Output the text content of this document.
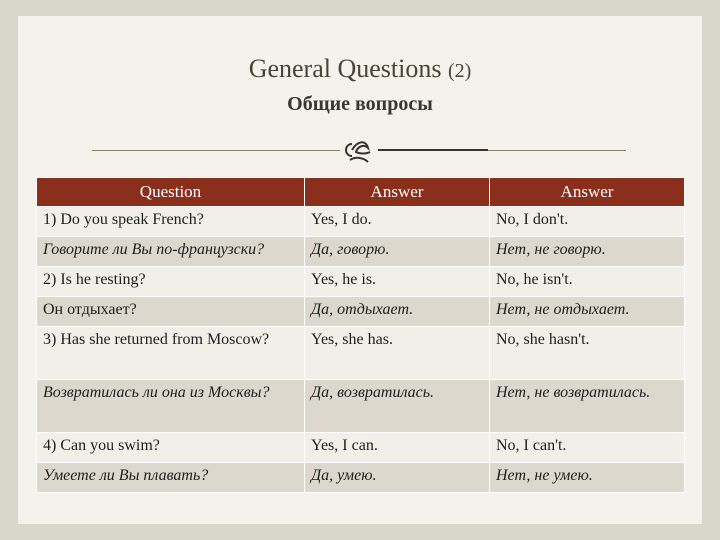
General Questions (2)
Общие вопросы
Question	Answer	Answer
1) Do you speak French?	Yes, I do.	No, I don't.
Говорите ли Вы по-французски?	Да, говорю.	Нет, не говорю.
2) Is he resting?	Yes, he is.	No, he isn't.
Он отдыхает?	Да, отдыхает.	Нет, не отдыхает.
3) Has she returned from Moscow?	Yes, she has.	No, she hasn't.
Возвратилась ли она из Москвы?	Да, возвратилась.	Нет, не возвратилась.
4) Can you swim?	Yes, I can.	No, I can't.
Умеете ли Вы плавать?	Да, умею.	Нет, не умею.
